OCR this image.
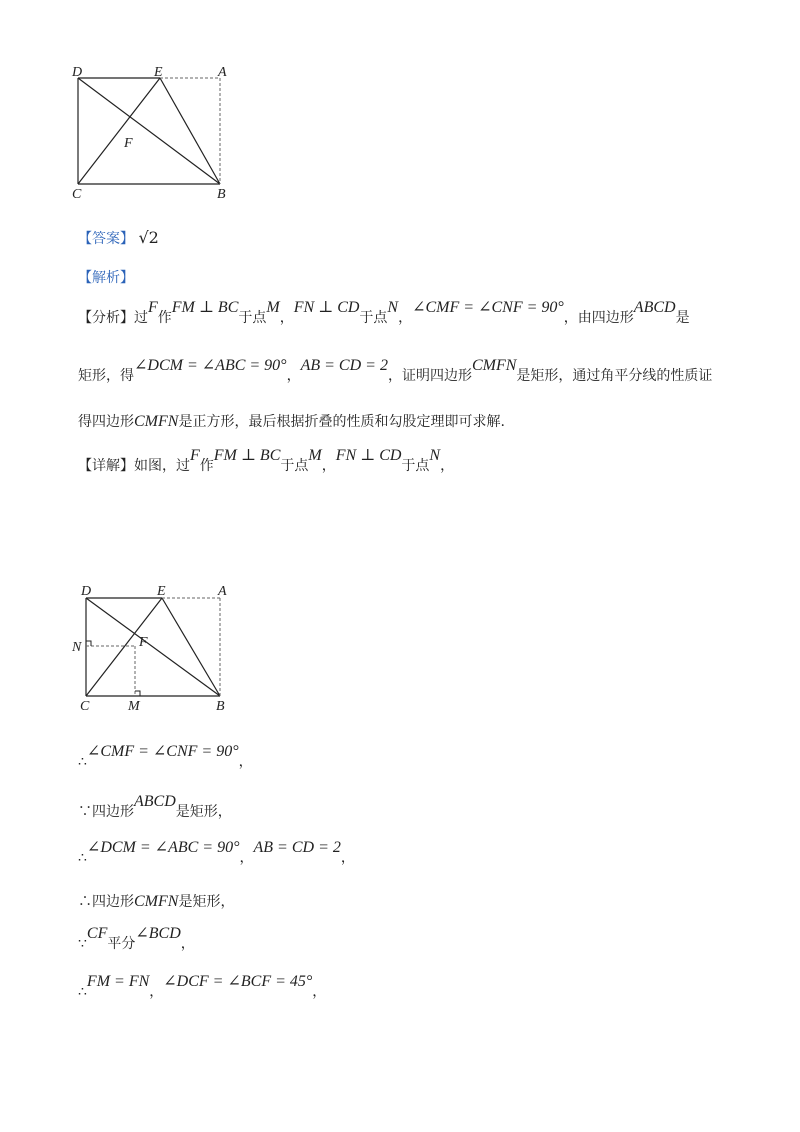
D	E	A
F
C	B
【答案】 √2
【解析】
【分析】过F作FM ⊥ BC于点M，FN ⊥ CD于点N，∠CMF = ∠CNF = 90°，由四边形ABCD是
矩形，得∠DCM = ∠ABC = 90°，AB = CD = 2，证明四边形CMFN是矩形，通过角平分线的性质证
得四边形CMFN是正方形，最后根据折叠的性质和勾股定理即可求解.
【详解】如图，过F作FM ⊥ BC于点M，FN ⊥ CD于点N，
D	E	A
F
N
C	M	B
∴∠CMF = ∠CNF = 90°，
∵四边形ABCD是矩形，
∴∠DCM = ∠ABC = 90°，AB = CD = 2，
∴四边形CMFN是矩形，
∵CF平分∠BCD，
∴FM = FN，∠DCF = ∠BCF = 45°，
